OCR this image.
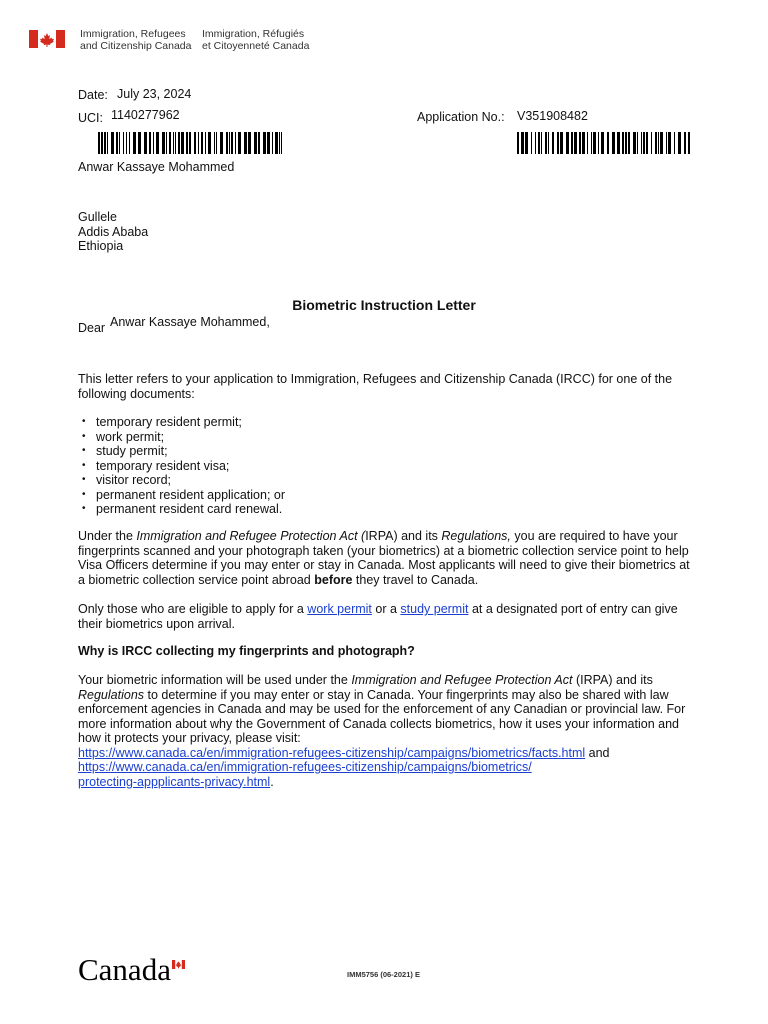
Immigration, Refugees
and Citizenship Canada
Immigration, Réfugiés
et Citoyenneté Canada
Date: July 23, 2024
UCI: 1140277962	Application No.: V351908482
Anwar Kassaye Mohammed
Gullele
Addis Ababa
Ethiopia
Biometric Instruction Letter
Dear Anwar Kassaye Mohammed,

This letter refers to your application to Immigration, Refugees and Citizenship Canada (IRCC) for one of the following documents:

• temporary resident permit;
• work permit;
• study permit;
• temporary resident visa;
• visitor record;
• permanent resident application; or
• permanent resident card renewal.

Under the Immigration and Refugee Protection Act (IRPA) and its Regulations, you are required to have your fingerprints scanned and your photograph taken (your biometrics) at a biometric collection service point to help Visa Officers determine if you may enter or stay in Canada. Most applicants will need to give their biometrics at a biometric collection service point abroad before they travel to Canada.

Only those who are eligible to apply for a work permit or a study permit at a designated port of entry can give their biometrics upon arrival.

Why is IRCC collecting my fingerprints and photograph?

Your biometric information will be used under the Immigration and Refugee Protection Act (IRPA) and its Regulations to determine if you may enter or stay in Canada. Your fingerprints may also be shared with law enforcement agencies in Canada and may be used for the enforcement of any Canadian or provincial law. For more information about why the Government of Canada collects biometrics, how it uses your information and how it protects your privacy, please visit:
https://www.canada.ca/en/immigration-refugees-citizenship/campaigns/biometrics/facts.html and
https://www.canada.ca/en/immigration-refugees-citizenship/campaigns/biometrics/
protecting-appplicants-privacy.html.

Canada	IMM5756 (06-2021) E
